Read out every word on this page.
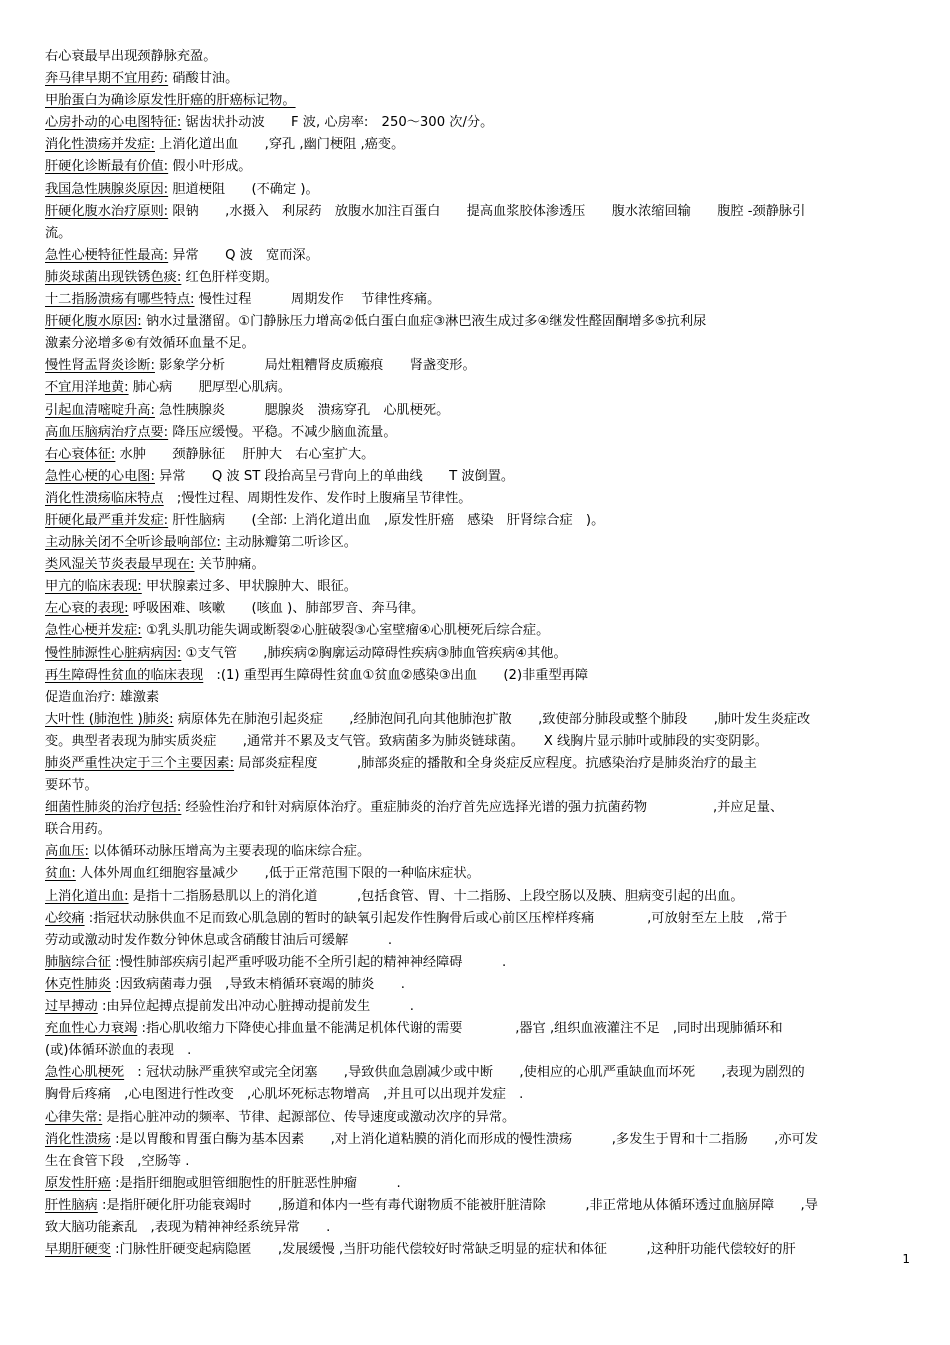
右心衰最早出现颈静脉充盈。
奔马律早期不宜用药: 硝酸甘油。
甲胎蛋白为确诊原发性肝癌的肝癌标记物。
心房扑动的心电图特征: 锯齿状扑动波　　F 波, 心房率:　250～300 次/分。
消化性溃疡并发症: 上消化道出血　　,穿孔 ,幽门梗阻 ,癌变。
肝硬化诊断最有价值: 假小叶形成。
我国急性胰腺炎原因: 胆道梗阻　　(不确定 )。
肝硬化腹水治疗原则: 限钠　　,水摄入　利尿药　放腹水加注百蛋白　　提高血浆胶体渗透压　　腹水浓缩回输　　腹腔 -颈静脉引
流。
急性心梗特征性最高: 异常　　Q 波　宽而深。
肺炎球菌出现铁锈色痰: 红色肝样变期。
十二指肠溃疡有哪些特点: 慢性过程　　　周期发作　 节律性疼痛。
肝硬化腹水原因: 钠水过量潴留。①门静脉压力增高②低白蛋白血症③淋巴液生成过多④继发性醛固酮增多⑤抗利尿
激素分泌增多⑥有效循环血量不足。
慢性肾盂肾炎诊断: 影象学分析　　　局灶粗糟肾皮质瘢痕　　肾盏变形。
不宜用洋地黄: 肺心病　　肥厚型心肌病。
引起血清嘧啶升高: 急性胰腺炎　　　腮腺炎　溃疡穿孔　心肌梗死。
高血压脑病治疗点要: 降压应缓慢。平稳。不减少脑血流量。
右心衰体征: 水肿　　颈静脉征　 肝肿大　右心室扩大。
急性心梗的心电图: 异常　　Q 波 ST 段抬高呈弓背向上的单曲线　　T 波倒置。
消化性溃疡临床特点　;慢性过程、周期性发作、发作时上腹痛呈节律性。
肝硬化最严重并发症: 肝性脑病　　(全部: 上消化道出血　,原发性肝癌　感染　肝肾综合症　)。
主动脉关闭不全听诊最响部位: 主动脉瓣第二听诊区。
类风湿关节炎表最早现在: 关节肿痛。
甲亢的临床表现: 甲状腺素过多、甲状腺肿大、眼征。
左心衰的表现: 呼吸困难、咳嗽　　(咳血 )、肺部罗音、奔马律。
急性心梗并发症: ①乳头肌功能失调或断裂②心脏破裂③心室壁瘤④心肌梗死后综合症。
慢性肺源性心脏病病因: ①支气管　　,肺疾病②胸廓运动障碍性疾病③肺血管疾病④其他。
再生障碍性贫血的临床表现　:(1) 重型再生障碍性贫血①贫血②感染③出血　　(2)非重型再障
促造血治疗: 雄激素
大叶性 (肺泡性 )肺炎: 病原体先在肺泡引起炎症　　,经肺泡间孔向其他肺泡扩散　　,致使部分肺段或整个肺段　　,肺叶发生炎症改
变。典型者表现为肺实质炎症　　,通常并不累及支气管。致病菌多为肺炎链球菌。　　X 线胸片显示肺叶或肺段的实变阴影。
肺炎严重性决定于三个主要因素: 局部炎症程度　　　,肺部炎症的播散和全身炎症反应程度。抗感染治疗是肺炎治疗的最主
要环节。
细菌性肺炎的治疗包括: 经验性治疗和针对病原体治疗。重症肺炎的治疗首先应选择光谱的强力抗菌药物　　　　　,并应足量、
联合用药。
高血压: 以体循环动脉压增高为主要表现的临床综合症。
贫血: 人体外周血红细胞容量减少　　,低于正常范围下限的一种临床症状。
上消化道出血: 是指十二指肠悬肌以上的消化道　　　,包括食管、胃、十二指肠、上段空肠以及胰、胆病变引起的出血。
心绞痛 :指冠状动脉供血不足而致心肌急剧的暂时的缺氧引起发作性胸骨后或心前区压榨样疼痛　　　　,可放射至左上肢　,常于
劳动或激动时发作数分钟休息或含硝酸甘油后可缓解　　　.
肺脑综合征 :慢性肺部疾病引起严重呼吸功能不全所引起的精神神经障碍　　　.
休克性肺炎 :因致病菌毒力强　,导致末梢循环衰竭的肺炎　　.
过早搏动 :由异位起搏点提前发出冲动心脏搏动提前发生　　　.
充血性心力衰竭 :指心肌收缩力下降使心排血量不能满足机体代谢的需要　　　　,器官 ,组织血液灌注不足　,同时出现肺循环和
(或)体循环淤血的表现　.
急性心肌梗死　: 冠状动脉严重狭窄或完全闭塞　　,导致供血急剧减少或中断　　,使相应的心肌严重缺血而坏死　　,表现为剧烈的
胸骨后疼痛　,心电图进行性改变　,心肌坏死标志物增高　,并且可以出现并发症　.
心律失常: 是指心脏冲动的频率、节律、起源部位、传导速度或激动次序的异常。
消化性溃疡 :是以胃酸和胃蛋白酶为基本因素　　,对上消化道粘膜的消化而形成的慢性溃疡　　　,多发生于胃和十二指肠　　,亦可发
生在食管下段　,空肠等 .
原发性肝癌 :是指肝细胞或胆管细胞性的肝脏恶性肿瘤　　　.
肝性脑病 :是指肝硬化肝功能衰竭时　　,肠道和体内一些有毒代谢物质不能被肝脏清除　　　,非正常地从体循环透过血脑屏障　　,导
致大脑功能紊乱　,表现为精神神经系统异常　　.
早期肝硬变 :门脉性肝硬变起病隐匿　　,发展缓慢 ,当肝功能代偿较好时常缺乏明显的症状和体征　　　,这种肝功能代偿较好的肝
1
